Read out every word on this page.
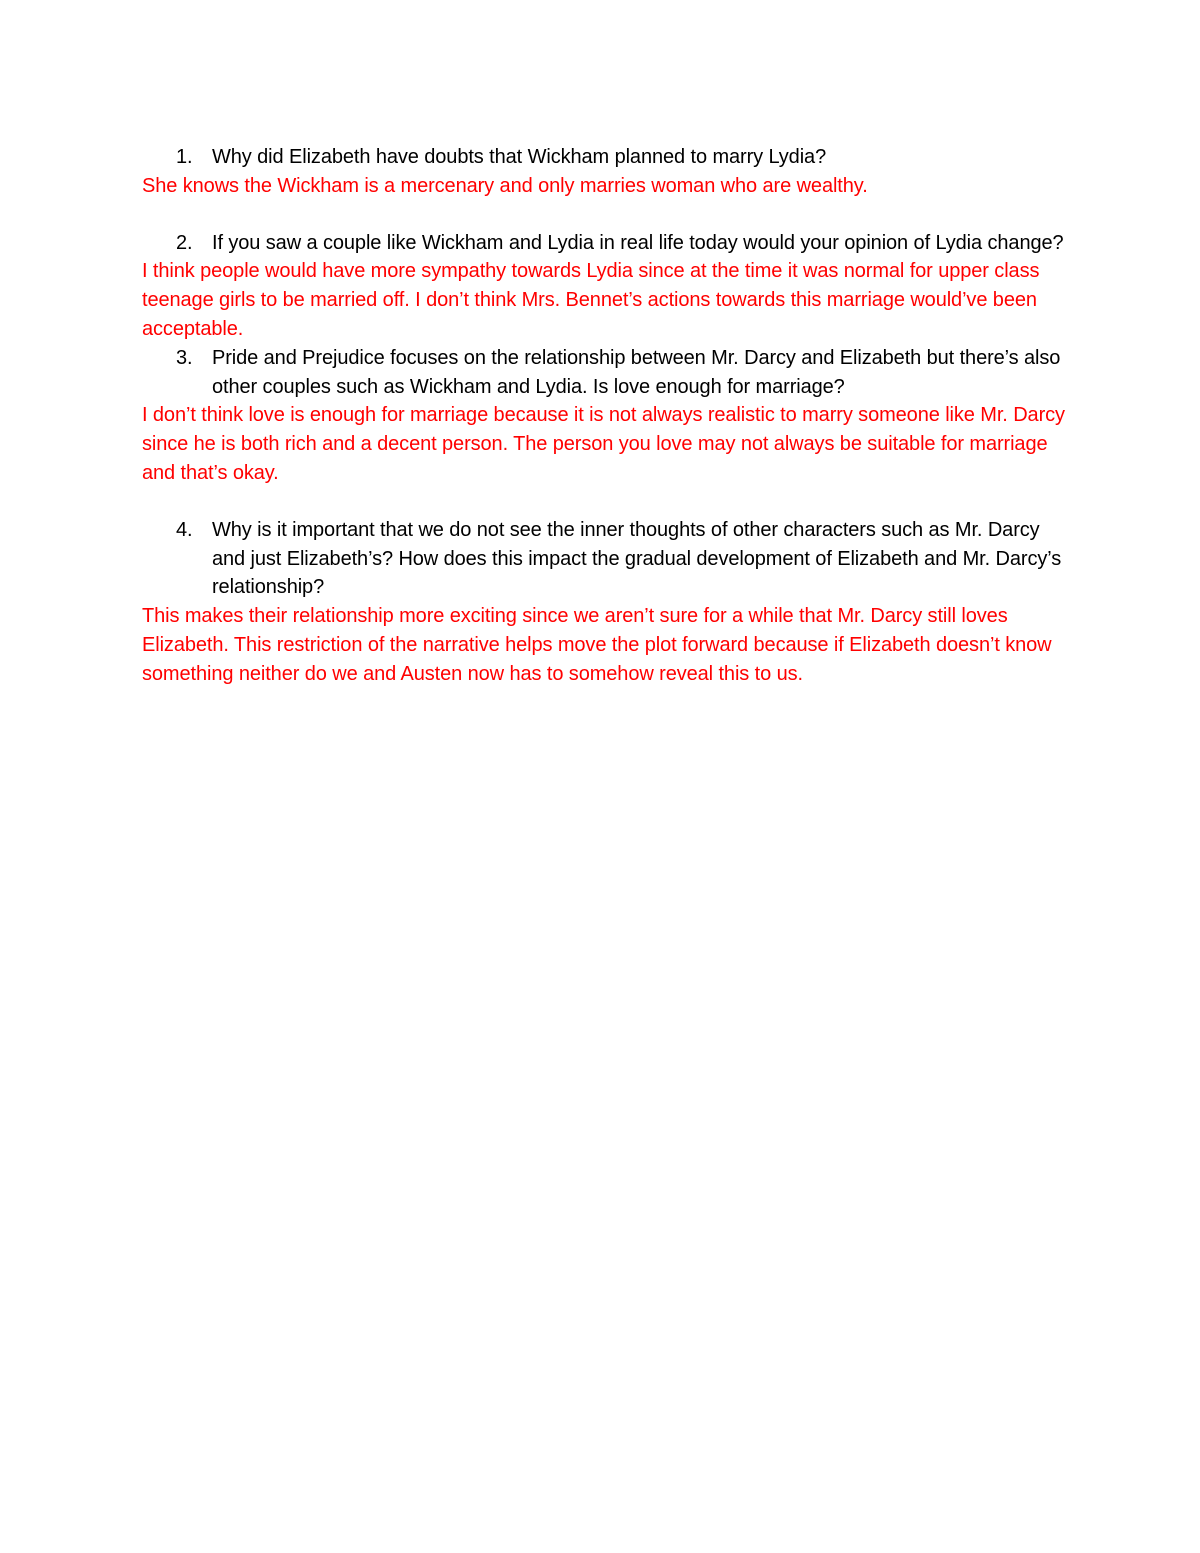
1. Why did Elizabeth have doubts that Wickham planned to marry Lydia?
She knows the Wickham is a mercenary and only marries woman who are wealthy.
2. If you saw a couple like Wickham and Lydia in real life today would your opinion of Lydia change?
I think people would have more sympathy towards Lydia since at the time it was normal for upper class teenage girls to be married off. I don’t think Mrs. Bennet’s actions towards this marriage would’ve been acceptable.
3. Pride and Prejudice focuses on the relationship between Mr. Darcy and Elizabeth but there’s also other couples such as Wickham and Lydia. Is love enough for marriage?
I don’t think love is enough for marriage because it is not always realistic to marry someone like Mr. Darcy since he is both rich and a decent person. The person you love may not always be suitable for marriage and that’s okay.
4. Why is it important that we do not see the inner thoughts of other characters such as Mr. Darcy and just Elizabeth’s? How does this impact the gradual development of Elizabeth and Mr. Darcy’s relationship?
This makes their relationship more exciting since we aren’t sure for a while that Mr. Darcy still loves Elizabeth. This restriction of the narrative helps move the plot forward because if Elizabeth doesn’t know something neither do we and Austen now has to somehow reveal this to us.
